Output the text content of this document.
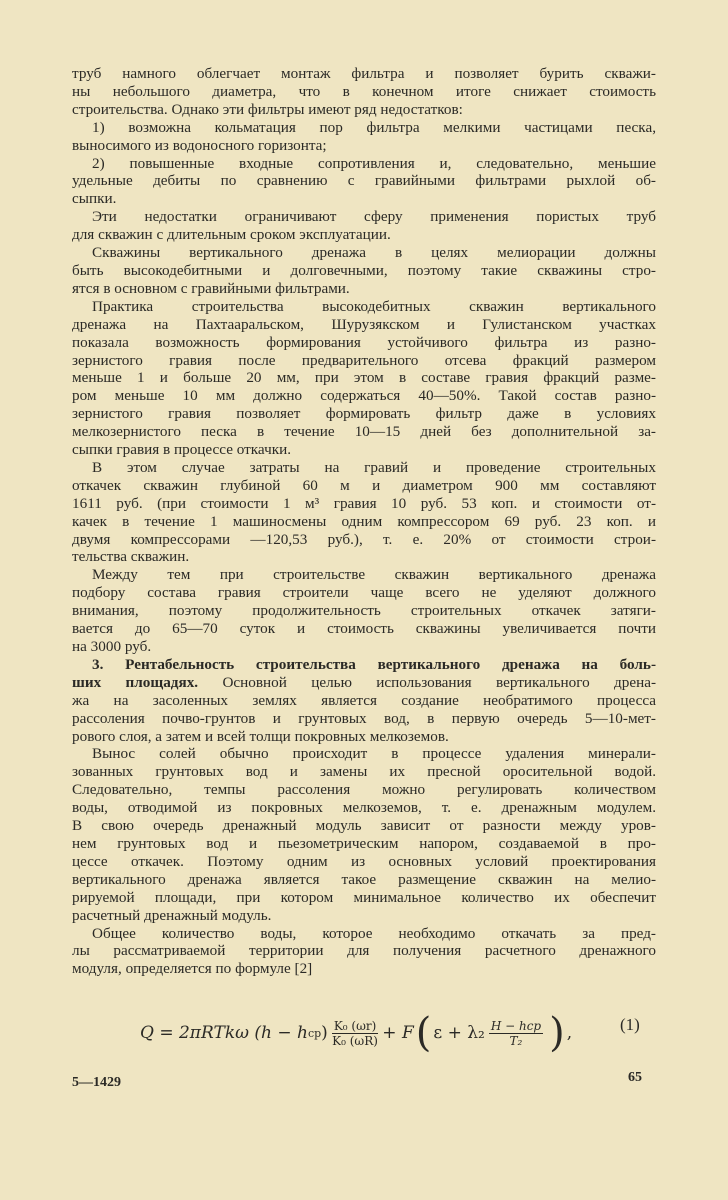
труб намного облегчает монтаж фильтра и позволяет бурить скважи-
ны небольшого диаметра, что в конечном итоге снижает стоимость
строительства. Однако эти фильтры имеют ряд недостатков:
1) возможна кольматация пор фильтра мелкими частицами песка,
выносимого из водоносного горизонта;
2) повышенные входные сопротивления и, следовательно, меньшие
удельные дебиты по сравнению с гравийными фильтрами рыхлой об-
сыпки.
Эти недостатки ограничивают сферу применения пористых труб
для скважин с длительным сроком эксплуатации.
Скважины вертикального дренажа в целях мелиорации должны
быть высокодебитными и долговечными, поэтому такие скважины стро-
ятся в основном с гравийными фильтрами.
Практика строительства высокодебитных скважин вертикального
дренажа на Пахтааральском, Шурузякском и Гулистанском участках
показала возможность формирования устойчивого фильтра из разно-
зернистого гравия после предварительного отсева фракций размером
меньше 1 и больше 20 мм, при этом в составе гравия фракций разме-
ром меньше 10 мм должно содержаться 40—50%. Такой состав разно-
зернистого гравия позволяет формировать фильтр даже в условиях
мелкозернистого песка в течение 10—15 дней без дополнительной за-
сыпки гравия в процессе откачки.
В этом случае затраты на гравий и проведение строительных
откачек скважин глубиной 60 м и диаметром 900 мм составляют
1611 руб. (при стоимости 1 м³ гравия 10 руб. 53 коп. и стоимости от-
качек в течение 1 машиносмены одним компрессором 69 руб. 23 коп. и
двумя компрессорами —120,53 руб.), т. е. 20% от стоимости строи-
тельства скважин.
Между тем при строительстве скважин вертикального дренажа
подбору состава гравия строители чаще всего не уделяют должного
внимания, поэтому продолжительность строительных откачек затяги-
вается до 65—70 суток и стоимость скважины увеличивается почти
на 3000 руб.
3. Рентабельность строительства вертикального дренажа на боль-
ших площадях. Основной целью использования вертикального дрена-
жа на засоленных землях является создание необратимого процесса
рассоления почво-грунтов и грунтовых вод, в первую очередь 5—10-мет-
рового слоя, а затем и всей толщи покровных мелкоземов.
Вынос солей обычно происходит в процессе удаления минерали-
зованных грунтовых вод и замены их пресной оросительной водой.
Следовательно, темпы рассоления можно регулировать количеством
воды, отводимой из покровных мелкоземов, т. е. дренажным модулем.
В свою очередь дренажный модуль зависит от разности между уров-
нем грунтовых вод и пьезометрическим напором, создаваемой в про-
цессе откачек. Поэтому одним из основных условий проектирования
вертикального дренажа является такое размещение скважин на мелио-
рируемой площади, при котором минимальное количество их обеспечит
расчетный дренажный модуль.
Общее количество воды, которое необходимо откачать за пред-
лы рассматриваемой территории для получения расчетного дренажного
модуля, определяется по формуле [2]
Q = 2πRTkω (h − h ср ) $\frac{\text{K₀ (ωr)}}{\text{K₀ (ωR)}} + F$ ( $\varepsilon + \lambda_2 \frac{\text{H − hср}}{\text{T₂}}$ ) ,	(1)
5—1429	65
